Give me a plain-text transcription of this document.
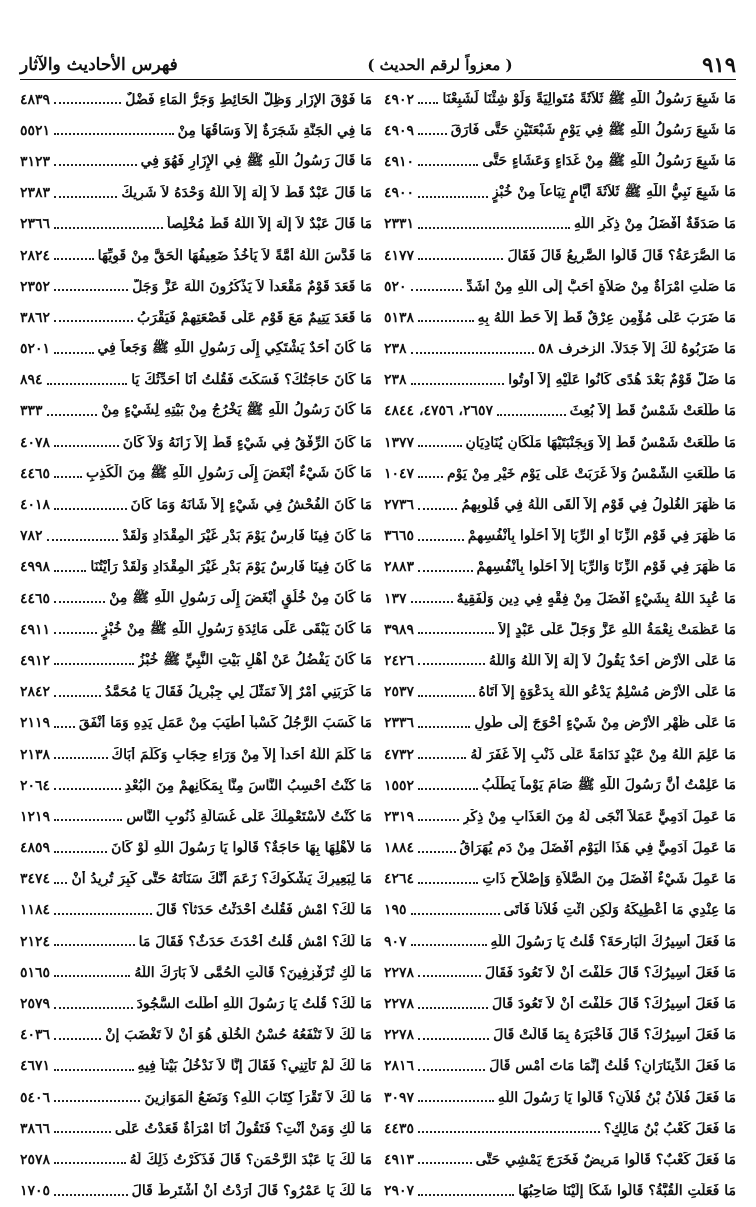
٩١٩
( معزواً لرقم الحديث )
فهرس الأحاديث والآثار
مَا شَبِعَ رَسُولُ اللّهِ ﷺ ثَلاَثَةً مُتَوالِيَةً وَلَوْ شِئْنَا لَشَبِعْنَا
٤٩٠٢
مَا شَبِعَ رَسُولُ اللّهِ ﷺ فِي يَوْمٍ شَبْعَتَيْنِ حَتَّى فَارَقَ
٤٩٠٩
مَا شَبِعَ رَسُولُ اللّهِ ﷺ مِنْ غَدَاءٍ وَعَشَاءٍ حَتَّى
٤٩١٠
مَا شَبِعَ نَبِيُّ اللّهِ ﷺ ثَلاَثَةَ أَيَّامٍ تِبَاعاً مِنْ خُبْزٍ
٤٩٠٠
مَا صَدَقَةٌ أَفْضَلُ مِنْ ذِكْرِ اللّهِ
٢٣٣١
مَا الصُّرَعَةُ؟ قَالَ قَالُوا الصَّرِيعُ قَالَ فَقَالَ
٤١٧٧
مَا صَلَّتِ امْرَأَةٌ مِنْ صَلاَةٍ أَحَبُّ إِلَى اللّهِ مِنْ أَشَدِّ
٥٢٠
مَا ضَرَبَ عَلَى مُؤْمِنٍ عِرْقٌ قَطُّ إِلاَّ حَطَّ اللّهُ بِهِ
٥١٣٨
مَا ضَرَبُوهُ لَكَ إِلاَّ جَدَلاً. الزخرف ٥٨
٢٣٨
مَا ضَلَّ قَوْمٌ بَعْدَ هُدًى كَانُوا عَلَيْهِ إِلاَّ أُوتُوا
٢٣٨
مَا طَلَعَتْ شَمْسٌ قَطُّ إِلاَّ بُعِثَ
٢٦٥٧، ٤٧٥٦، ٤٨٤٤
مَا طَلَعَتْ شَمْسٌ قَطُّ إِلاَّ وَبِجَنْبَتَيْهَا مَلَكَانِ يُنَادِيَانِ
١٣٧٧
مَا طَلَعَتِ الشَّمْسُ وَلاَ غَرَبَتْ عَلَى يَوْمٍ خَيْرٍ مِنْ يَوْمِ
١٠٤٧
مَا ظَهَرَ الْغُلُولُ فِي قَوْمٍ إِلاَّ أَلْقَى اللّهُ فِي قُلُوبِهِمُ
٢٧٣٦
مَا ظَهَرَ فِي قَوْمٍ الزِّنَا أَوِ الرِّبَا إِلاَّ أَحَلُّوا بِأَنْفُسِهِمْ
٣٦٦٥
مَا ظَهَرَ فِي قَوْمٍ الزِّنَا وَالرِّبَا إِلاَّ أَحَلُّوا بِأَنْفُسِهِمْ
٢٨٨٣
مَا عُبِدَ اللّهُ بِشَيْءٍ أَفْضَلَ مِنْ فِقْهٍ فِي دِينٍ وَلَفَقِيهٌ
١٣٧
مَا عَظُمَتْ نِعْمَةُ اللّهِ عَزَّ وَجَلَّ عَلَى عَبْدٍ إِلاَّ
٣٩٨٩
مَا عَلَى الأَرْضِ أَحَدٌ يَقُولُ لاَ إِلَهَ إِلاَّ اللّهُ وَاللّهُ
٢٤٢٦
مَا عَلَى الأَرْضِ مُسْلِمٌ يَدْعُو اللّهَ بِدَعْوَةٍ إِلاَّ آتَاهُ
٢٥٣٧
مَا عَلَى ظَهْرِ الأَرْضِ مِنْ شَيْءٍ أَحْوَجَ إِلَى طُولٍ
٢٣٣٦
مَا عَلِمَ اللّهُ مِنْ عَبْدٍ نَدَامَةً عَلَى ذَنْبٍ إِلاَّ غَفَرَ لَهُ
٤٧٣٢
مَا عَلِمْتُ أَنَّ رَسُولَ اللّهِ ﷺ صَامَ يَوْماً يَطْلُبُ
١٥٥٢
مَا عَمِلَ آدَمِيٌّ عَمَلاً أَنْجَى لَهُ مِنَ الْعَذَابِ مِنْ ذِكْرِ
٢٣١٩
مَا عَمِلَ آدَمِيٌّ فِي هَذَا الْيَوْمِ أَفْضَلَ مِنْ دَمٍ يُهَرَاقُ
١٨٨٤
مَا عَمِلَ شَيْءٌ أَفْضَلَ مِنَ الصَّلاَةِ وَإِصْلاَحِ ذَاتِ
٤٢٦٤
مَا عِنْدِي مَا أُعْطِيكَهُ وَلَكِنِ ائْتِ فُلاَناً فَأَتَى
١٩٥
مَا فَعَلَ أَسِيرُكَ الْبَارِحَةَ؟ قُلْتُ يَا رَسُولَ اللّهِ
٩٠٧
مَا فَعَلَ أَسِيرُكَ؟ قَالَ حَلَفْتَ أَنْ لاَ تَعُودَ فَقَالَ
٢٢٧٨
مَا فَعَلَ أَسِيرُكَ؟ قَالَ حَلَفْتَ أَنْ لاَ تَعُودَ قَالَ
٢٢٧٨
مَا فَعَلَ أَسِيرُكَ؟ قَالَ فَأَخْبَرَهُ بِمَا قَالَتْ قَالَ
٢٢٧٨
مَا فَعَلَ الدِّينَارَانِ؟ قُلْتُ إِنَّمَا مَاتَ أَمْسِ قَالَ
٢٨١٦
مَا فَعَلَ فُلاَنُ بْنُ فُلاَنٍ؟ قَالُوا يَا رَسُولَ اللّهِ
٣٠٩٧
مَا فَعَلَ كَعْبُ بْنُ مَالِكٍ؟
٤٤٣٥
مَا فَعَلَ كَعْبٌ؟ قَالُوا مَرِيضٌ فَخَرَجَ يَمْشِي حَتَّى
٤٩١٣
مَا فَعَلَتِ الْقُبَّةُ؟ قَالُوا شَكَا إِلَيْنَا صَاحِبُهَا
٢٩٠٧
مَا فَوْقَ الإِزَارِ وَظِلُّ الْحَائِطِ وَجَرُّ الْمَاءِ فَضْلٌ
٤٨٣٩
مَا فِي الْجَنَّةِ شَجَرَةٌ إِلاَّ وَسَاقُهَا مِنْ
٥٥٢١
مَا قَالَ رَسُولُ اللّهِ ﷺ فِي الإِزَارِ فَهُوَ فِي
٣١٢٣
مَا قَالَ عَبْدٌ قَطُّ لاَ إِلَهَ إِلاَّ اللّهُ وَحْدَهُ لاَ شَرِيكَ
٢٣٨٣
مَا قَالَ عَبْدٌ لاَ إِلَهَ إِلاَّ اللّهُ قَطُّ مُخْلِصاً
٢٣٦٦
مَا قَدَّسَ اللّهُ أُمَّةً لاَ يَأْخُذُ ضَعِيفُهَا الْحَقَّ مِنْ قَوِيِّهَا
٢٨٢٤
مَا قَعَدَ قَوْمٌ مَقْعَداً لاَ يَذْكُرُونَ اللّهَ عَزَّ وَجَلَّ
٢٣٥٢
مَا قَعَدَ يَتِيمٌ مَعَ قَوْمٍ عَلَى قَصْعَتِهِمْ فَيَقْرَبُ
٣٨٦٢
مَا كَانَ أَحَدٌ يَشْتَكِي إِلَى رَسُولِ اللّهِ ﷺ وَجَعاً فِي
٥٢٠١
مَا كَانَ حَاجَتُكَ؟ فَسَكَتَ فَقُلْتُ أَنَا أُحَدِّثُكَ يَا
٨٩٤
مَا كَانَ رَسُولُ اللّهِ ﷺ يَخْرُجُ مِنْ بَيْتِهِ لِشَيْءٍ مِنْ
٣٣٣
مَا كَانَ الرِّفْقُ فِي شَيْءٍ قَطُّ إِلاَّ زَانَهُ وَلاَ كَانَ
٤٠٧٨
مَا كَانَ شَيْءٌ أَبْغَضَ إِلَى رَسُولِ اللّهِ ﷺ مِنَ الْكَذِبِ
٤٤٦٥
مَا كَانَ الْفُحْشُ فِي شَيْءٍ إِلاَّ شَانَهُ وَمَا كَانَ
٤٠١٨
مَا كَانَ فِينَا فَارِسٌ يَوْمَ بَدْرٍ غَيْرَ الْمِقْدَادِ وَلَقَدْ
٧٨٢
مَا كَانَ فِينَا فَارِسٌ يَوْمَ بَدْرٍ غَيْرَ الْمِقْدَادِ وَلَقَدْ رَأَيْتُنَا
٤٩٩٨
مَا كَانَ مِنْ خُلُقٍ أَبْغَضَ إِلَى رَسُولِ اللّهِ ﷺ مِنْ
٤٤٦٥
مَا كَانَ يَبْقَى عَلَى مَائِدَةِ رَسُولِ اللّهِ ﷺ مِنْ خُبْزٍ
٤٩١١
مَا كَانَ يَفْضُلُ عَنْ أَهْلِ بَيْتِ النَّبِيِّ ﷺ خُبْزُ
٤٩١٢
مَا كَرَبَنِي أَمْرٌ إِلاَّ تَمَثَّلَ لِي جِبْرِيلُ فَقَالَ يَا مُحَمَّدُ
٢٨٤٢
مَا كَسَبَ الرَّجُلُ كَسْباً أَطْيَبَ مِنْ عَمَلِ يَدِهِ وَمَا أَنْفَقَ
٢١١٩
مَا كَلَّمَ اللّهُ أَحَداً إِلاَّ مِنْ وَرَاءِ حِجَابٍ وَكَلَّمَ أَبَاكَ
٢١٣٨
مَا كُنْتُ أَحْسِبُ النَّاسَ مِنَّا بِمَكَانِهِمْ مِنَ الْبُعْدِ
٢٠٦٤
مَا كُنْتُ لأَسْتَعْمِلَكَ عَلَى غُسَالَةِ ذُنُوبِ النَّاسِ
١٢١٩
مَا لأَهْلِهَا بِهَا حَاجَةٌ؟ قَالُوا يَا رَسُولَ اللّهِ لَوْ كَانَ
٤٨٥٩
مَا لِبَعِيرِكَ يَشْكُوكَ؟ زَعَمَ أَنَّكَ سَنَأْتَهُ حَتَّى كَبِرَ تُرِيدُ أَنْ
٣٤٧٤
مَا لَكَ؟ امْشِ فَقُلْتُ أَحْدَثْتُ حَدَثاً؟ قَالَ
١١٨٤
مَا لَكَ؟ امْشِ قُلْتُ أَحْدَثَ حَدَثٌ؟ فَقَالَ مَا
٢١٢٤
مَا لَكِ تُزَفْزِفِينَ؟ قَالَتِ الْحُمَّى لاَ بَارَكَ اللّهُ
٥١٦٥
مَا لَكَ؟ قُلْتُ يَا رَسُولَ اللّهِ أَطَلْتَ السُّجُودَ
٢٥٧٩
مَا لَكَ لاَ تَنْفَعُهُ حُسْنُ الْخُلُقِ هُوَ أَنْ لاَ تَغْضَبَ إِنْ
٤٠٣٦
مَا لَكَ لَمْ تَأْتِنِي؟ فَقَالَ إِنَّا لاَ نَدْخُلُ بَيْتاً فِيهِ
٤٦٧١
مَا لَكَ لاَ تَقْرَأُ كِتَابَ اللّهِ؟ وَنَضَعُ الْمَوَازِينَ
٥٤٠٦
مَا لَكِ وَمَنْ أَنْتِ؟ فَتَقُولُ أَنَا امْرَأَةٌ قَعَدْتُ عَلَى
٣٨٦٦
مَا لَكَ يَا عَبْدَ الرَّحْمَنِ؟ قَالَ فَذَكَرْتُ ذَلِكَ لَهُ
٢٥٧٨
مَا لَكَ يَا عَمْرُو؟ قَالَ أَرَدْتُ أَنْ أَشْتَرِطَ قَالَ
١٧٠٥
